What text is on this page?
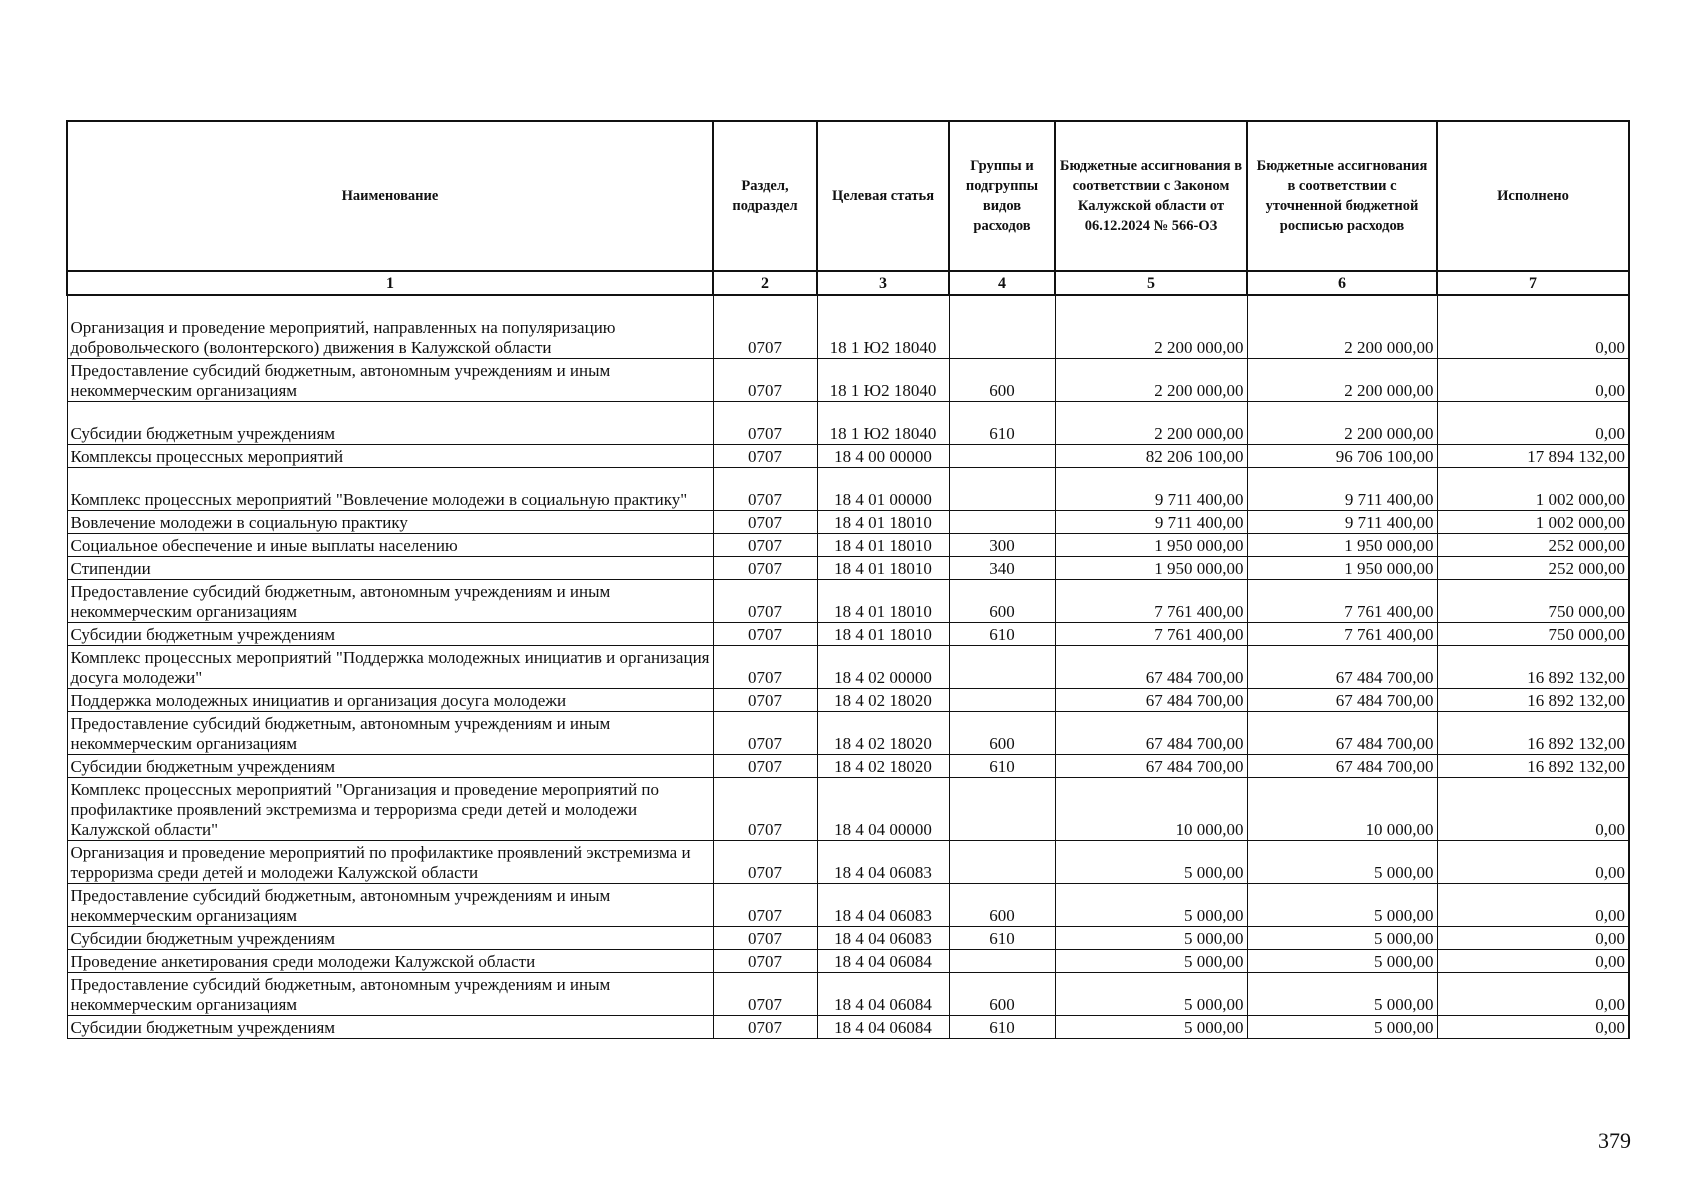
Наименование	Раздел, подраздел	Целевая статья	Группы и подгруппы видов расходов	Бюджетные ассигнования в соответствии с Законом Калужской области от 06.12.2024 № 566-ОЗ	Бюджетные ассигнования в соответствии с уточненной бюджетной росписью расходов	Исполнено
1	2	3	4	5	6	7
Организация и проведение мероприятий, направленных на популяризацию добровольческого (волонтерского) движения в Калужской области	0707	18 1 Ю2 18040		2 200 000,00	2 200 000,00	0,00
Предоставление субсидий бюджетным, автономным учреждениям и иным некоммерческим организациям	0707	18 1 Ю2 18040	600	2 200 000,00	2 200 000,00	0,00
Субсидии бюджетным учреждениям	0707	18 1 Ю2 18040	610	2 200 000,00	2 200 000,00	0,00
Комплексы процессных мероприятий	0707	18 4 00 00000		82 206 100,00	96 706 100,00	17 894 132,00
Комплекс процессных мероприятий "Вовлечение молодежи в социальную практику"	0707	18 4 01 00000		9 711 400,00	9 711 400,00	1 002 000,00
Вовлечение молодежи в социальную практику	0707	18 4 01 18010		9 711 400,00	9 711 400,00	1 002 000,00
Социальное обеспечение и иные выплаты населению	0707	18 4 01 18010	300	1 950 000,00	1 950 000,00	252 000,00
Стипендии	0707	18 4 01 18010	340	1 950 000,00	1 950 000,00	252 000,00
Предоставление субсидий бюджетным, автономным учреждениям и иным некоммерческим организациям	0707	18 4 01 18010	600	7 761 400,00	7 761 400,00	750 000,00
Субсидии бюджетным учреждениям	0707	18 4 01 18010	610	7 761 400,00	7 761 400,00	750 000,00
Комплекс процессных мероприятий "Поддержка молодежных инициатив и организация досуга молодежи"	0707	18 4 02 00000		67 484 700,00	67 484 700,00	16 892 132,00
Поддержка молодежных инициатив и организация досуга молодежи	0707	18 4 02 18020		67 484 700,00	67 484 700,00	16 892 132,00
Предоставление субсидий бюджетным, автономным учреждениям и иным некоммерческим организациям	0707	18 4 02 18020	600	67 484 700,00	67 484 700,00	16 892 132,00
Субсидии бюджетным учреждениям	0707	18 4 02 18020	610	67 484 700,00	67 484 700,00	16 892 132,00
Комплекс процессных мероприятий "Организация и проведение мероприятий по профилактике проявлений экстремизма и терроризма среди детей и молодежи Калужской области"	0707	18 4 04 00000		10 000,00	10 000,00	0,00
Организация и проведение мероприятий по профилактике проявлений экстремизма и терроризма среди детей и молодежи Калужской области	0707	18 4 04 06083		5 000,00	5 000,00	0,00
Предоставление субсидий бюджетным, автономным учреждениям и иным некоммерческим организациям	0707	18 4 04 06083	600	5 000,00	5 000,00	0,00
Субсидии бюджетным учреждениям	0707	18 4 04 06083	610	5 000,00	5 000,00	0,00
Проведение анкетирования среди молодежи Калужской области	0707	18 4 04 06084		5 000,00	5 000,00	0,00
Предоставление субсидий бюджетным, автономным учреждениям и иным некоммерческим организациям	0707	18 4 04 06084	600	5 000,00	5 000,00	0,00
Субсидии бюджетным учреждениям	0707	18 4 04 06084	610	5 000,00	5 000,00	0,00
379
